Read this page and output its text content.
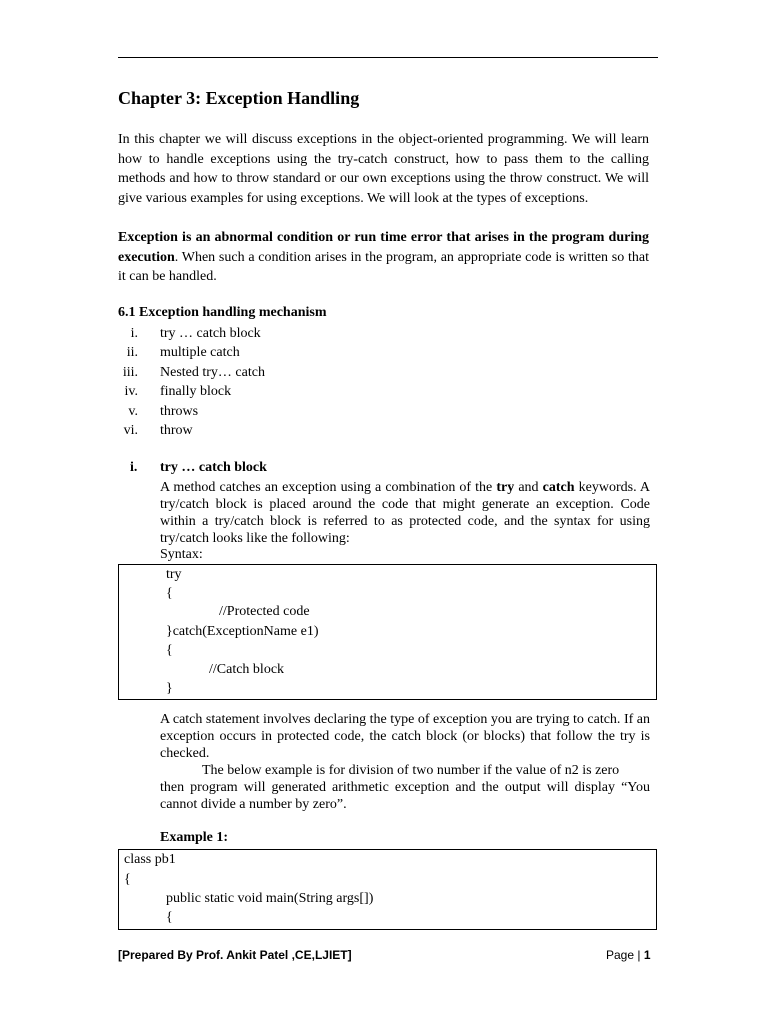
Chapter 3: Exception Handling

In this chapter we will discuss exceptions in the object-oriented programming. We will learn how to handle exceptions using the try-catch construct, how to pass them to the calling methods and how to throw standard or our own exceptions using the throw construct. We will give various examples for using exceptions. We will look at the types of exceptions.

Exception is an abnormal condition or run time error that arises in the program during execution. When such a condition arises in the program, an appropriate code is written so that it can be handled.

6.1 Exception handling mechanism
i. try … catch block
ii. multiple catch
iii. Nested try… catch
iv. finally block
v. throws
vi. throw
i. try … catch block

A method catches an exception using a combination of the try and catch keywords. A try/catch block is placed around the code that might generate an exception. Code within a try/catch block is referred to as protected code, and the syntax for using try/catch looks like the following:

Syntax:
try
{
//Protected code
}catch(ExceptionName e1)
{
//Catch block
}

A catch statement involves declaring the type of exception you are trying to catch. If an exception occurs in protected code, the catch block (or blocks) that follow the try is checked.

The below example is for division of two number if the value of n2 is zero
then program will generated arithmetic exception and the output will display “You cannot divide a number by zero”.

Example 1:
class pb1
{
public static void main(String args[])
{
[Prepared By Prof. Ankit Patel ,CE,LJIET]	Page | 1
